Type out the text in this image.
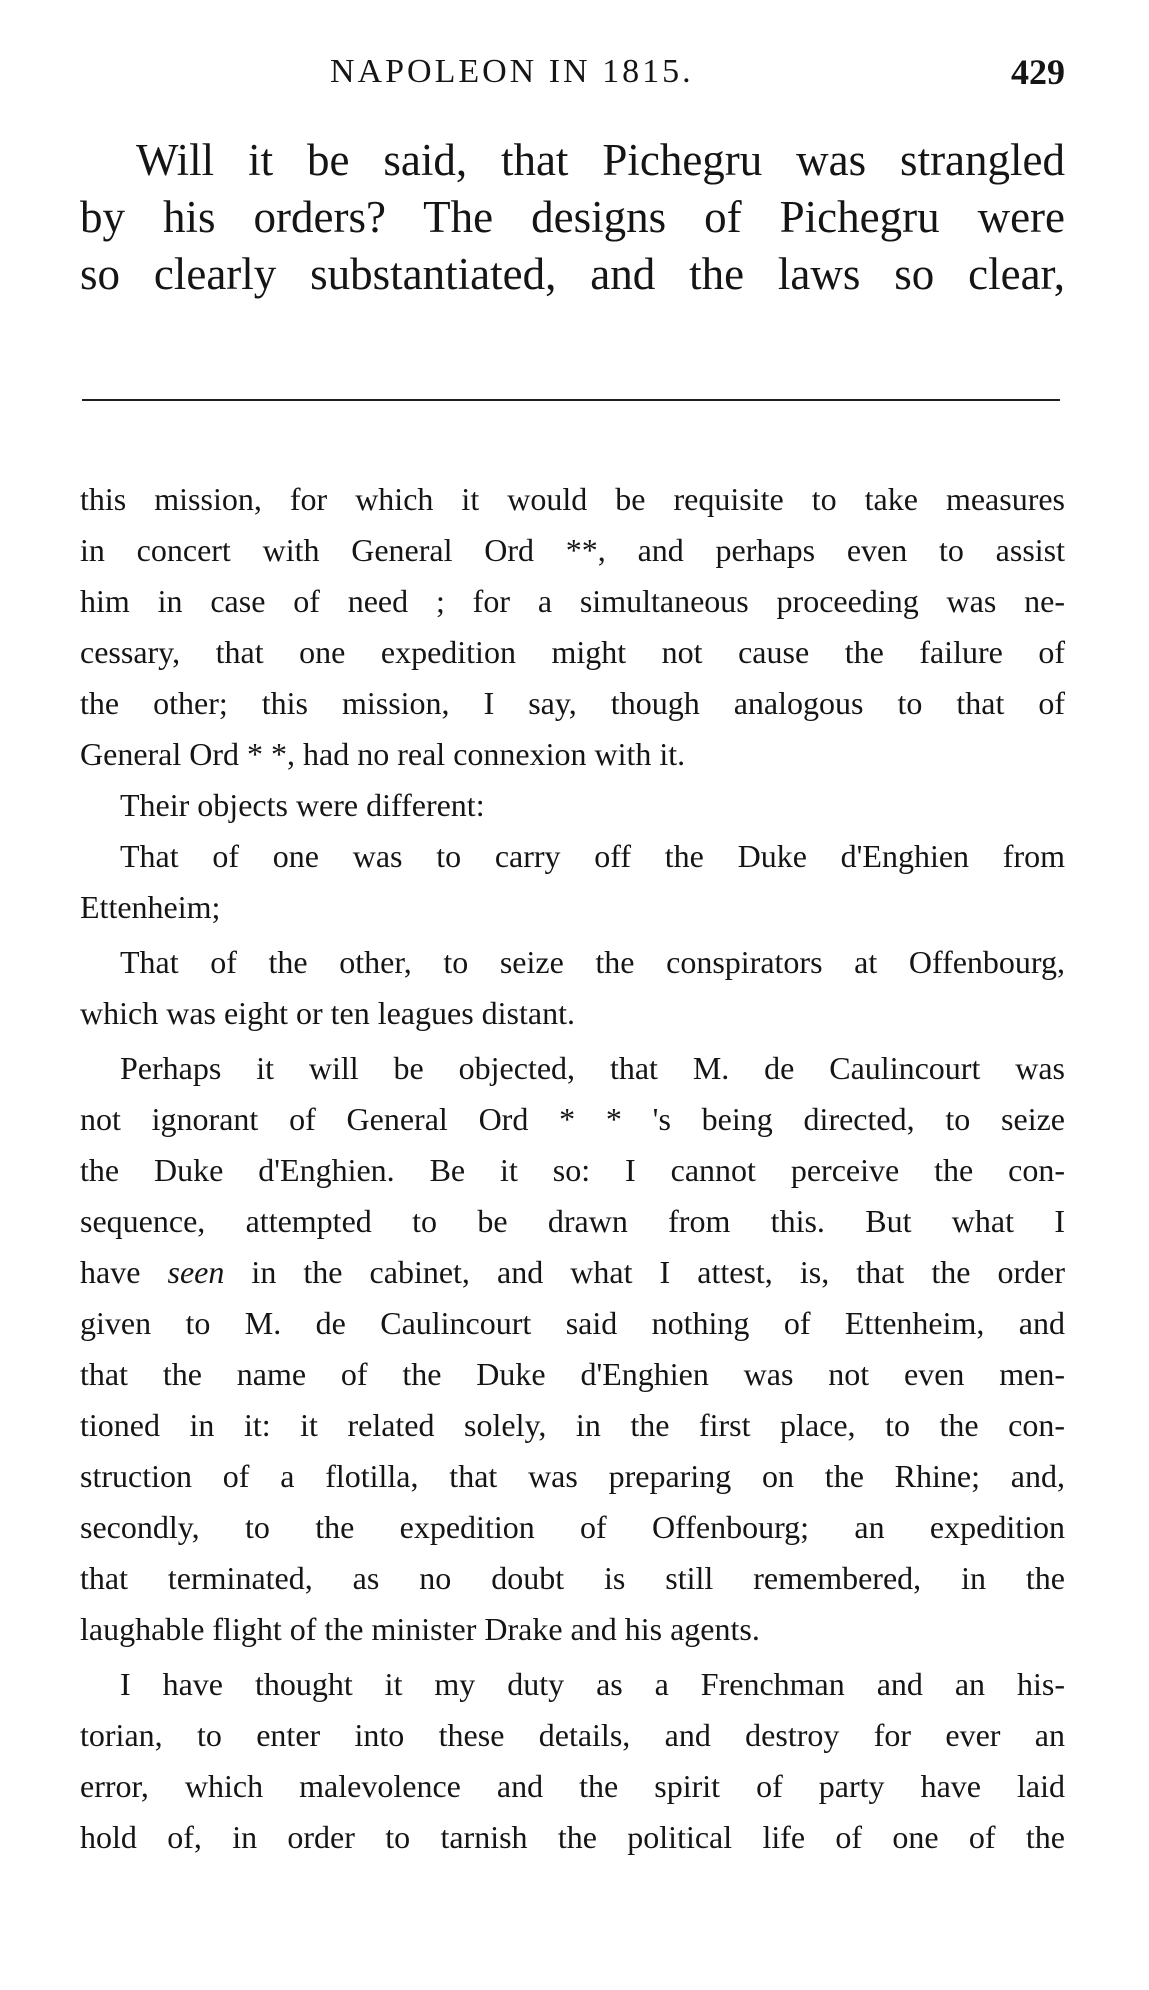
NAPOLEON IN 1815.	429
Will it be said, that Pichegru was strangled
by his orders? The designs of Pichegru were
so clearly substantiated, and the laws so clear,
this mission, for which it would be requisite to take measures
in concert with General Ord **, and perhaps even to assist
him in case of need ; for a simultaneous proceeding was ne-
cessary, that one expedition might not cause the failure of
the other; this mission, I say, though analogous to that of
General Ord * *, had no real connexion with it.
Their objects were different:
That of one was to carry off the Duke d'Enghien from
Ettenheim;
That of the other, to seize the conspirators at Offenbourg,
which was eight or ten leagues distant.
Perhaps it will be objected, that M. de Caulincourt was
not ignorant of General Ord * * 's being directed, to seize
the Duke d'Enghien. Be it so: I cannot perceive the con-
sequence, attempted to be drawn from this. But what I
have seen in the cabinet, and what I attest, is, that the order
given to M. de Caulincourt said nothing of Ettenheim, and
that the name of the Duke d'Enghien was not even men-
tioned in it: it related solely, in the first place, to the con-
struction of a flotilla, that was preparing on the Rhine; and,
secondly, to the expedition of Offenbourg; an expedition
that terminated, as no doubt is still remembered, in the
laughable flight of the minister Drake and his agents.
I have thought it my duty as a Frenchman and an his-
torian, to enter into these details, and destroy for ever an
error, which malevolence and the spirit of party have laid
hold of, in order to tarnish the political life of one of the
